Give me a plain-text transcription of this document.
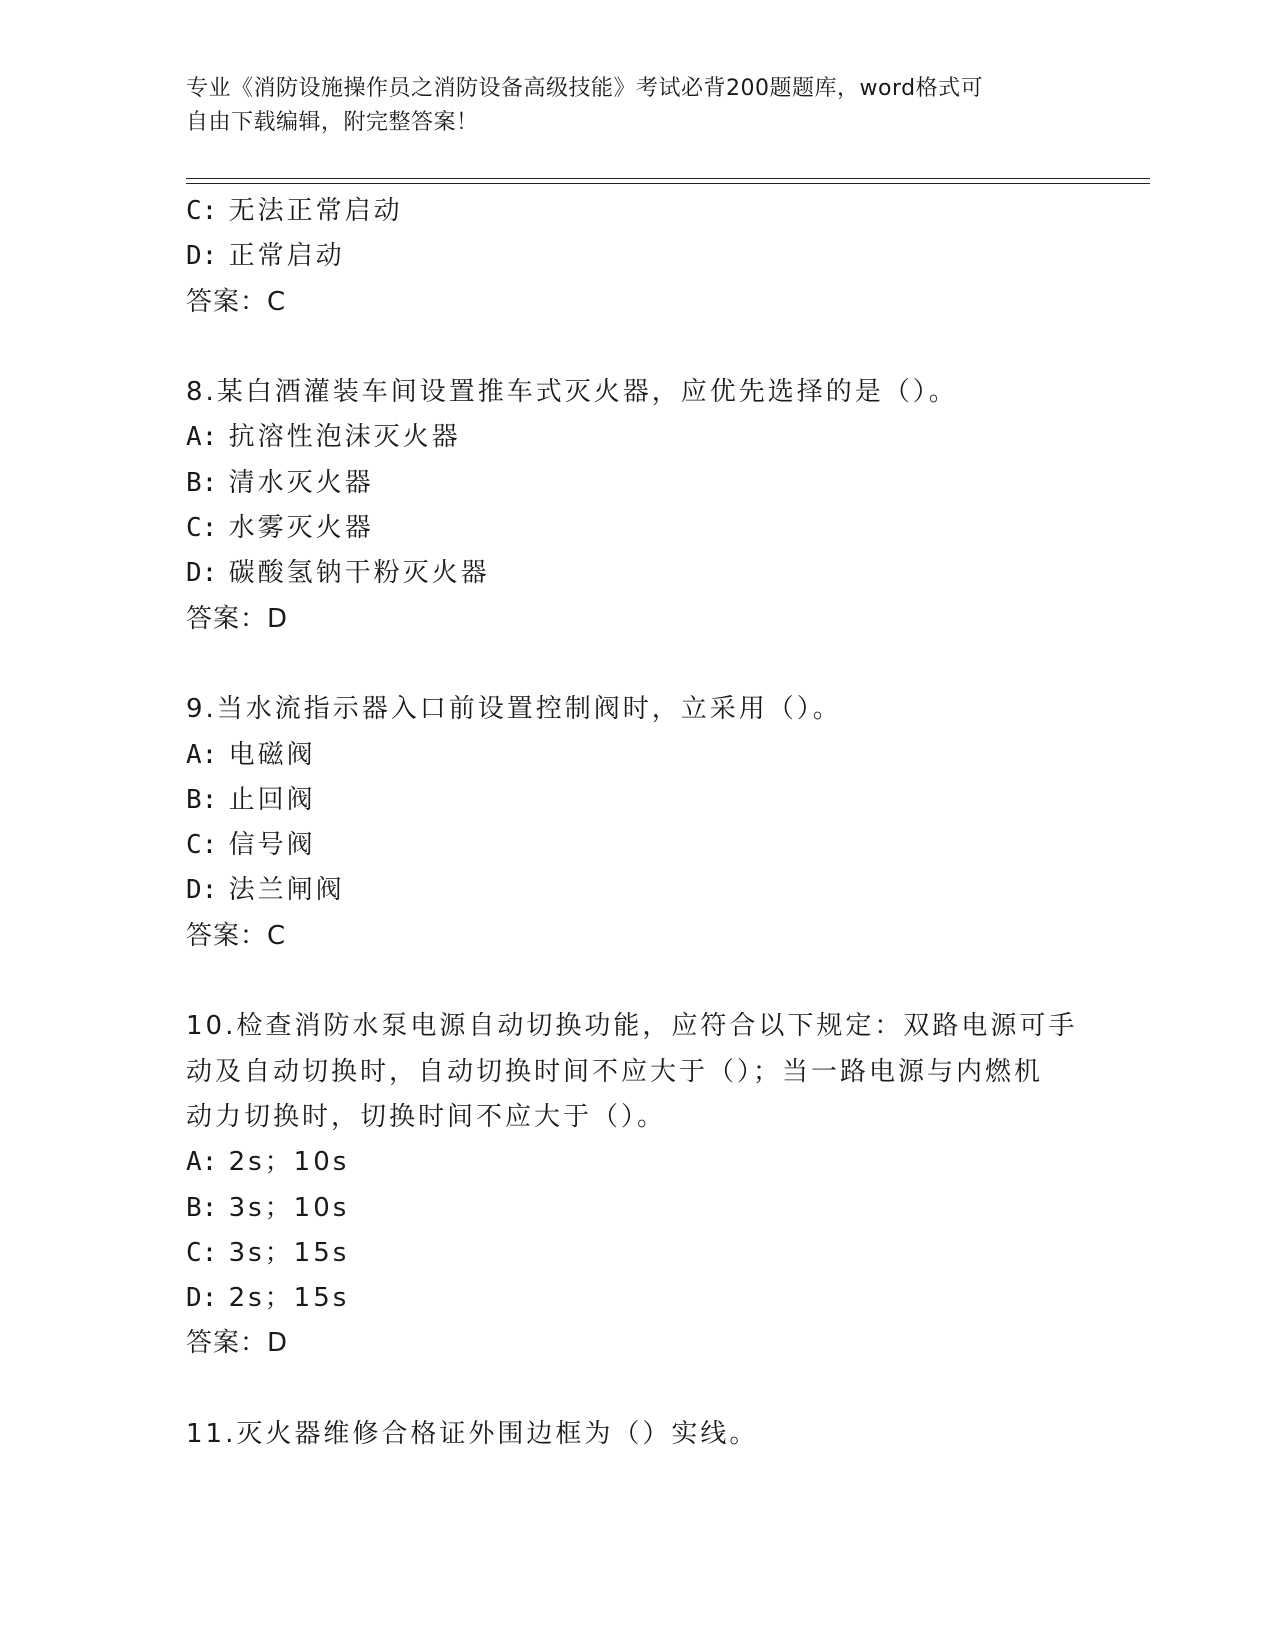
专业《消防设施操作员之消防设备高级技能》考试必背200题题库，word格式可
自由下载编辑，附完整答案！
C: 无法正常启动
D: 正常启动
答案：C
8.某白酒灌装车间设置推车式灭火器，应优先选择的是（）。
A: 抗溶性泡沫灭火器
B: 清水灭火器
C: 水雾灭火器
D: 碳酸氢钠干粉灭火器
答案：D
9.当水流指示器入口前设置控制阀时，立采用（）。
A: 电磁阀
B: 止回阀
C: 信号阀
D: 法兰闸阀
答案：C
10.检查消防水泵电源自动切换功能，应符合以下规定：双路电源可手
动及自动切换时，自动切换时间不应大于（）；当一路电源与内燃机
动力切换时，切换时间不应大于（）。
A: 2s；10s
B: 3s；10s
C: 3s；15s
D: 2s；15s
答案：D
11.灭火器维修合格证外围边框为（）实线。
